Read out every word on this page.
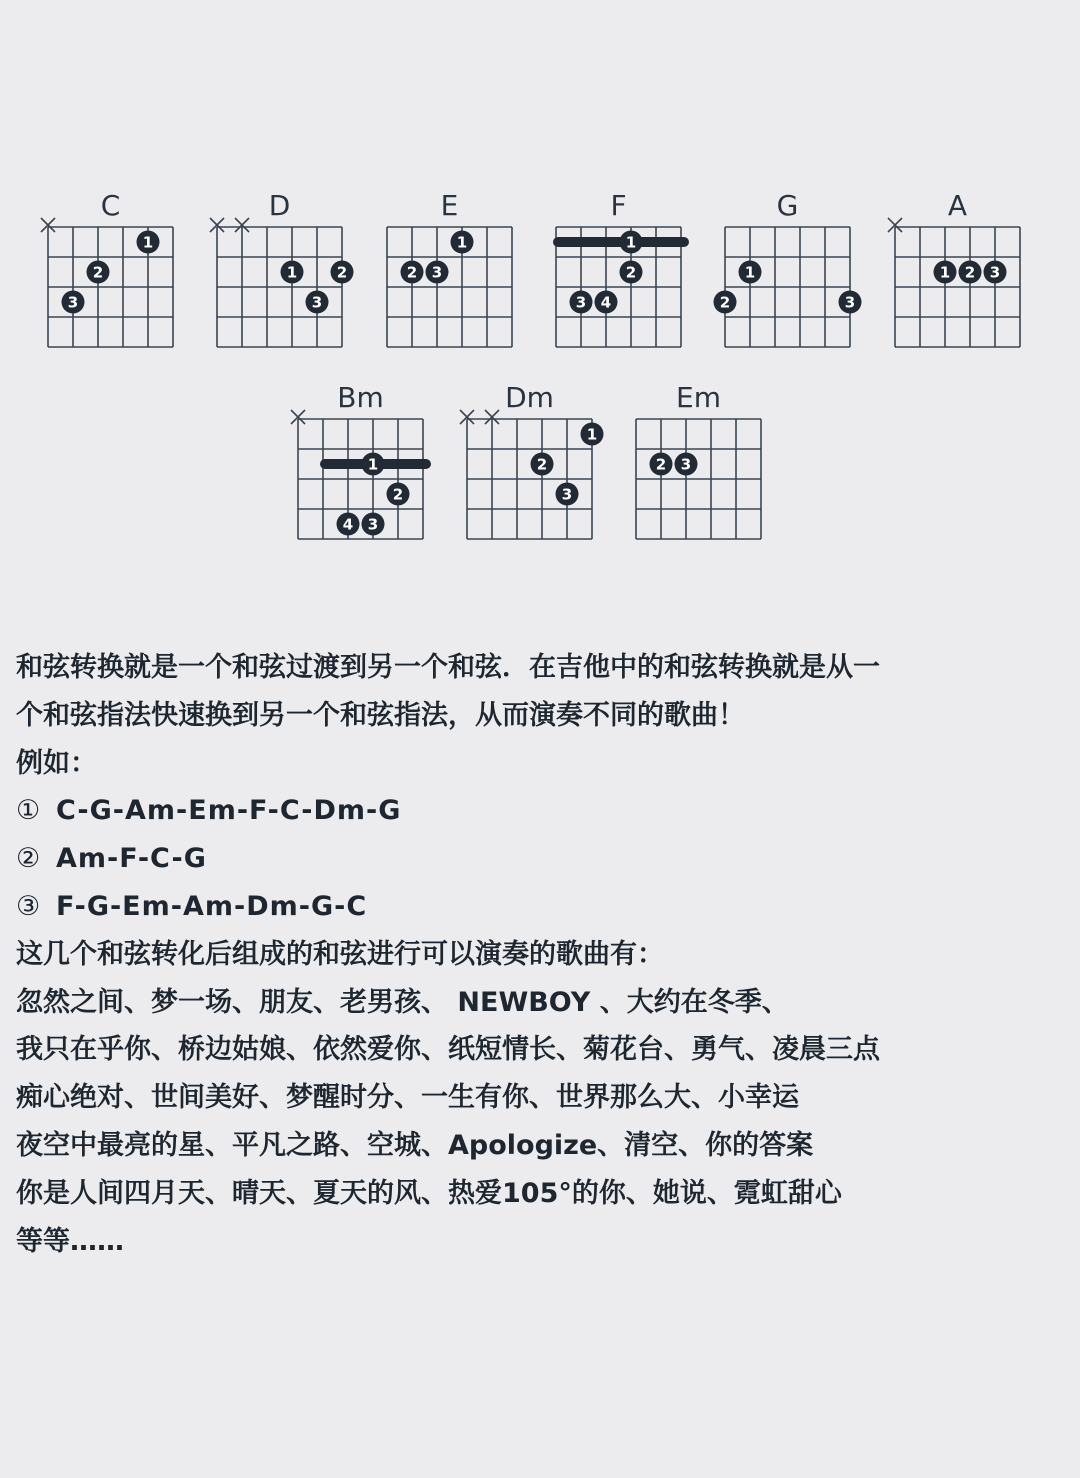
C
1
2
3
D
1	2
3
E
1
2 3
F
1
2
3 4
G
1
2	3
A
1 2 3
Bm
1
2
4 3
Dm
1
2
3
Em
2 3
和弦转换就是一个和弦过渡到另一个和弦．在吉他中的和弦转换就是从一
个和弦指法快速换到另一个和弦指法，从而演奏不同的歌曲！
例如：
① C-G-Am-Em-F-C-Dm-G
② Am-F-C-G
③ F-G-Em-Am-Dm-G-C
这几个和弦转化后组成的和弦进行可以演奏的歌曲有：
忽然之间、梦一场、朋友、老男孩、 NEWBOY 、大约在冬季、
我只在乎你、桥边姑娘、依然爱你、纸短情长、菊花台、勇气、凌晨三点
痴心绝对、世间美好、梦醒时分、一生有你、世界那么大、小幸运
夜空中最亮的星、平凡之路、空城、Apologize、清空、你的答案
你是人间四月天、晴天、夏天的风、热爱105°的你、她说、霓虹甜心
等等……
